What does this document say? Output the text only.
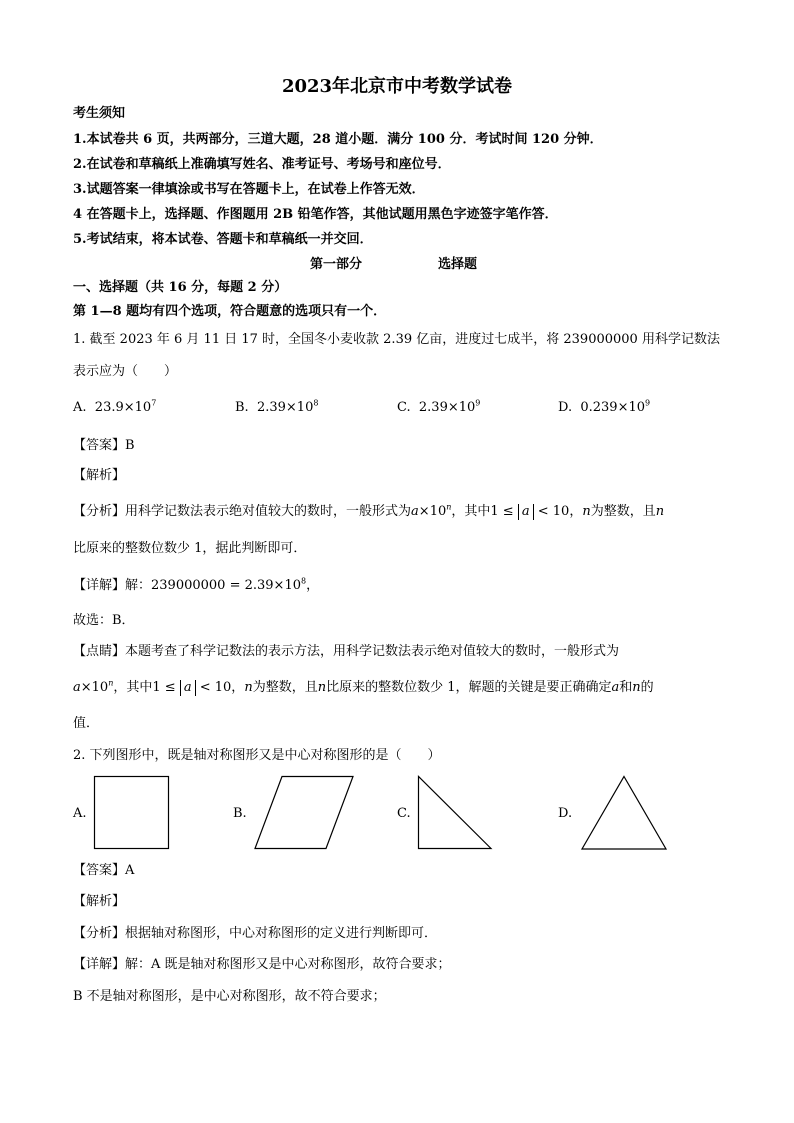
2023年北京市中考数学试卷
考生须知
1.本试卷共 6 页，共两部分，三道大题，28 道小题．满分 100 分．考试时间 120 分钟．
2.在试卷和草稿纸上准确填写姓名、准考证号、考场号和座位号．
3.试题答案一律填涂或书写在答题卡上，在试卷上作答无效．
4 在答题卡上，选择题、作图题用 2B 铅笔作答，其他试题用黑色字迹签字笔作答．
5.考试结束，将本试卷、答题卡和草稿纸一并交回．
第一部分	选择题
一、选择题（共 16 分，每题 2 分）
第 1—8 题均有四个选项，符合题意的选项只有一个．
1. 截至 2023 年 6 月 11 日 17 时，全国冬小麦收款 2.39 亿亩，进度过七成半，将 239000000 用科学记数法
表示应为（　　）
A. $23.9\times 10^7$	B. $2.39\times 10^8$	C. $2.39\times 10^9$	D. $0.239\times 10^9$
【答案】B
【解析】
【分析】用科学记数法表示绝对值较大的数时，一般形式为$a\times 10^n$，其中1 ≤ a < 10，n为整数，且n
比原来的整数位数少 1，据此判断即可．
【详解】解：$239000000 = 2.39\times 10^8$，
故选：B．
【点睛】本题考查了科学记数法的表示方法，用科学记数法表示绝对值较大的数时，一般形式为
$a\times 10^n$，其中1 ≤ a < 10，n为整数，且n比原来的整数位数少 1，解题的关键是要正确确定a和n的
值．
2. 下列图形中，既是轴对称图形又是中心对称图形的是（　　）
A.	B.	C.	D.
【答案】A
【解析】
【分析】根据轴对称图形，中心对称图形的定义进行判断即可．
【详解】解：A 既是轴对称图形又是中心对称图形，故符合要求；
B 不是轴对称图形，是中心对称图形，故不符合要求；
